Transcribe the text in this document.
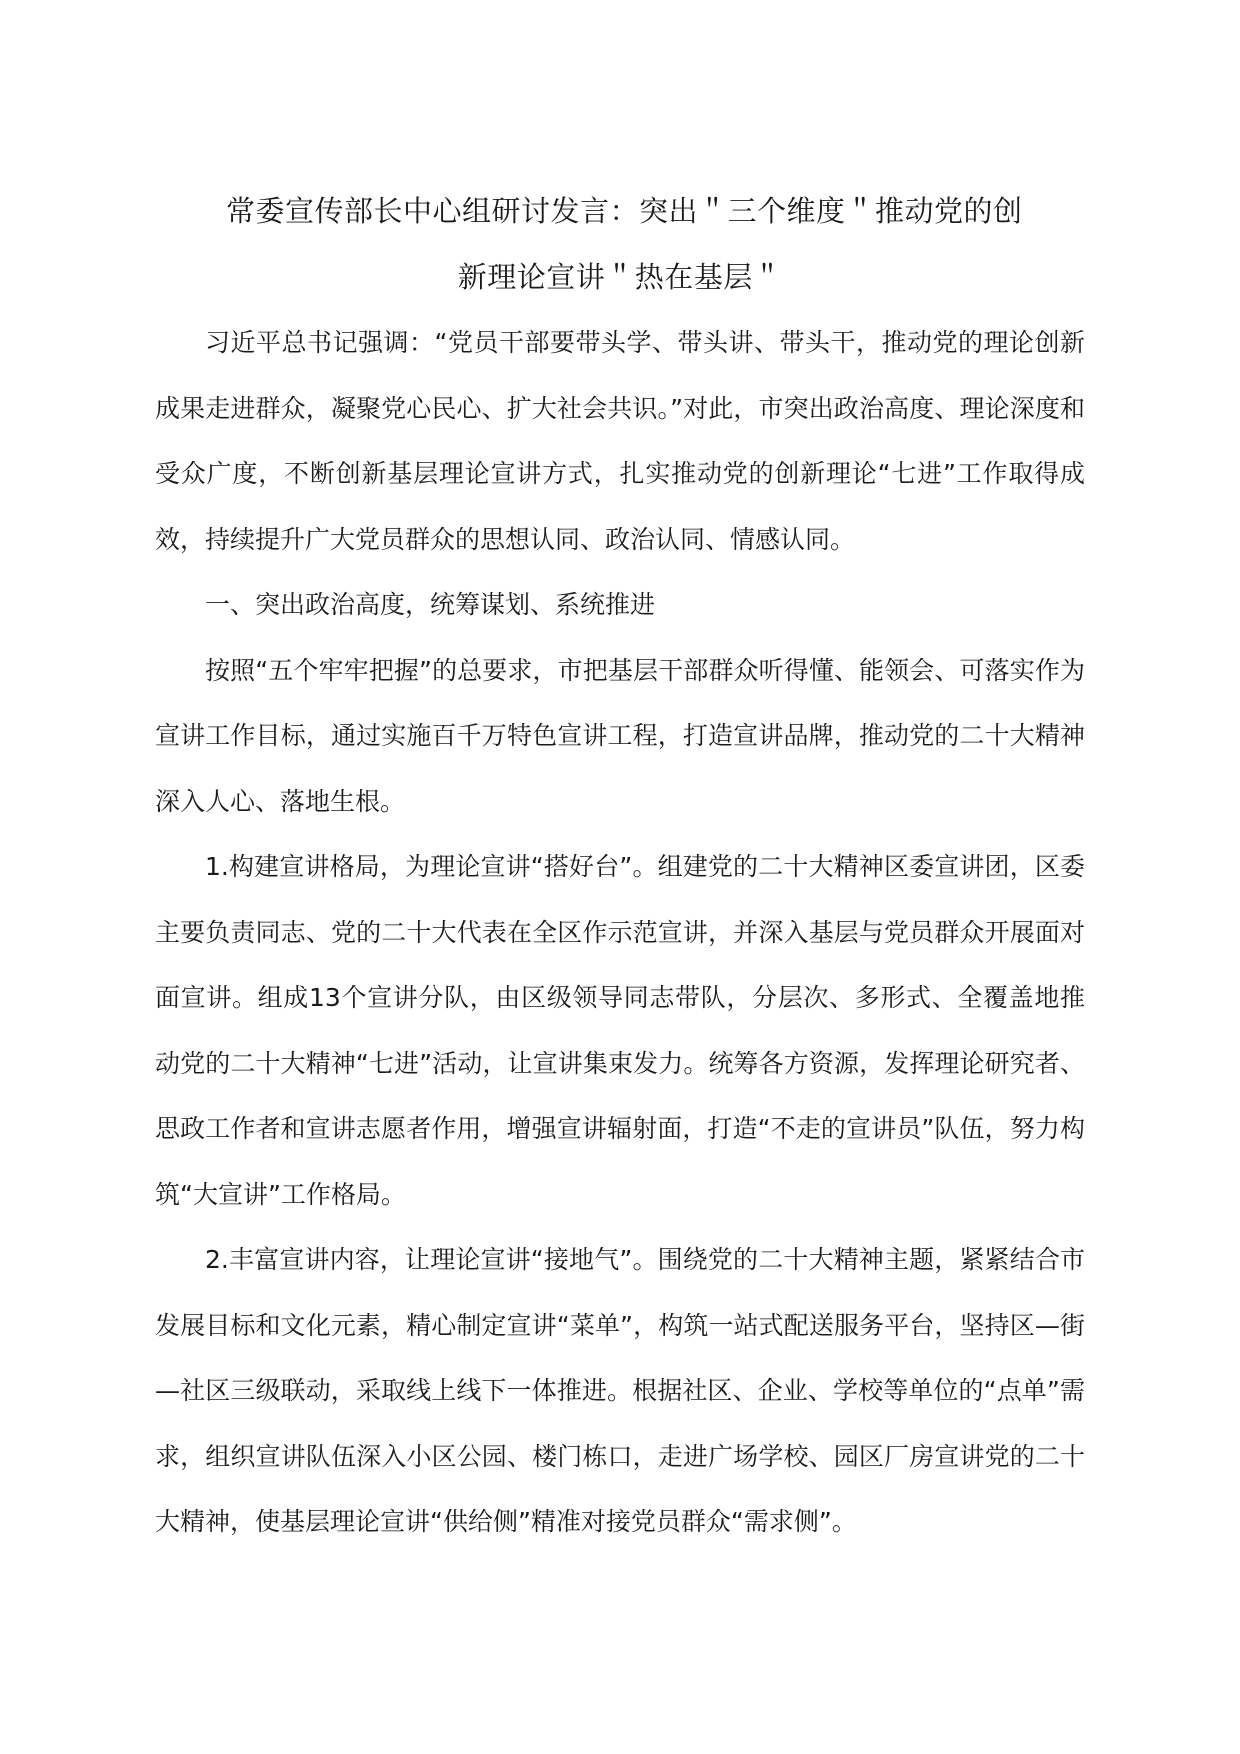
常委宣传部长中心组研讨发言：突出＂三个维度＂推动党的创
新理论宣讲＂热在基层＂

习近平总书记强调：“党员干部要带头学、带头讲、带头干，推动党的理论创新成果走进群众，凝聚党心民心、扩大社会共识。”对此，市突出政治高度、理论深度和受众广度，不断创新基层理论宣讲方式，扎实推动党的创新理论“七进”工作取得成效，持续提升广大党员群众的思想认同、政治认同、情感认同。

一、突出政治高度，统筹谋划、系统推进

按照“五个牢牢把握”的总要求，市把基层干部群众听得懂、能领会、可落实作为宣讲工作目标，通过实施百千万特色宣讲工程，打造宣讲品牌，推动党的二十大精神深入人心、落地生根。

1.构建宣讲格局，为理论宣讲“搭好台”。组建党的二十大精神区委宣讲团，区委主要负责同志、党的二十大代表在全区作示范宣讲，并深入基层与党员群众开展面对面宣讲。组成13个宣讲分队，由区级领导同志带队，分层次、多形式、全覆盖地推动党的二十大精神“七进”活动，让宣讲集束发力。统筹各方资源，发挥理论研究者、思政工作者和宣讲志愿者作用，增强宣讲辐射面，打造“不走的宣讲员”队伍，努力构筑“大宣讲”工作格局。

2.丰富宣讲内容，让理论宣讲“接地气”。围绕党的二十大精神主题，紧紧结合市发展目标和文化元素，精心制定宣讲“菜单”，构筑一站式配送服务平台，坚持区—街—社区三级联动，采取线上线下一体推进。根据社区、企业、学校等单位的“点单”需求，组织宣讲队伍深入小区公园、楼门栋口，走进广场学校、园区厂房宣讲党的二十大精神，使基层理论宣讲“供给侧”精准对接党员群众“需求侧”。
